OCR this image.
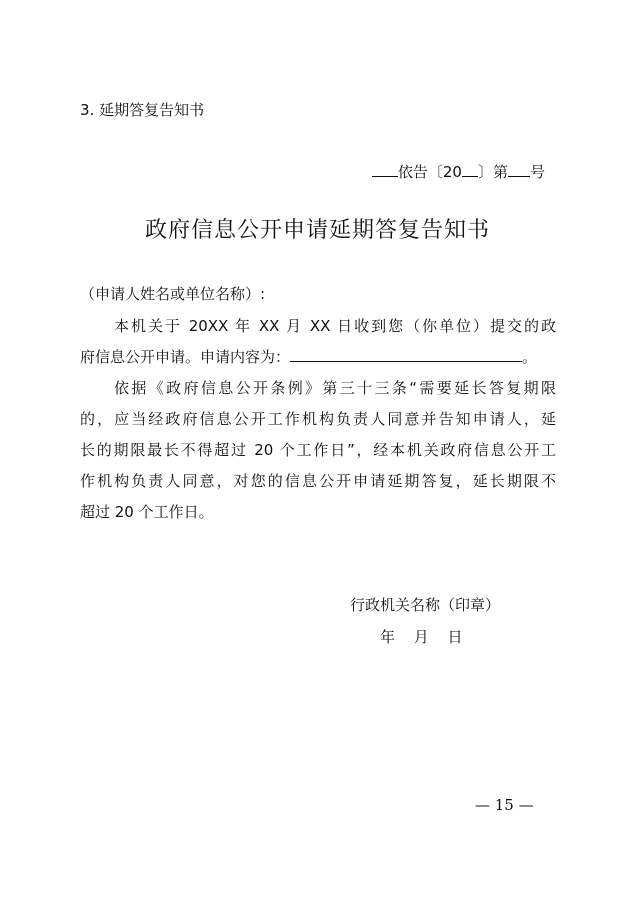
3. 延期答复告知书
依告〔20 〕第 号
政府信息公开申请延期答复告知书
（申请人姓名或单位名称）:
本机关于 20XX 年 XX 月 XX 日收到您（你单位）提交的政
府信息公开申请。申请内容为：	。
依据《政府信息公开条例》第三十三条“需要延长答复期限
的，应当经政府信息公开工作机构负责人同意并告知申请人，延
长的期限最长不得超过 20 个工作日”，经本机关政府信息公开工
作机构负责人同意，对您的信息公开申请延期答复，延长期限不
超过 20 个工作日。
行政机关名称（印章）
年 月 日
— 15 —
